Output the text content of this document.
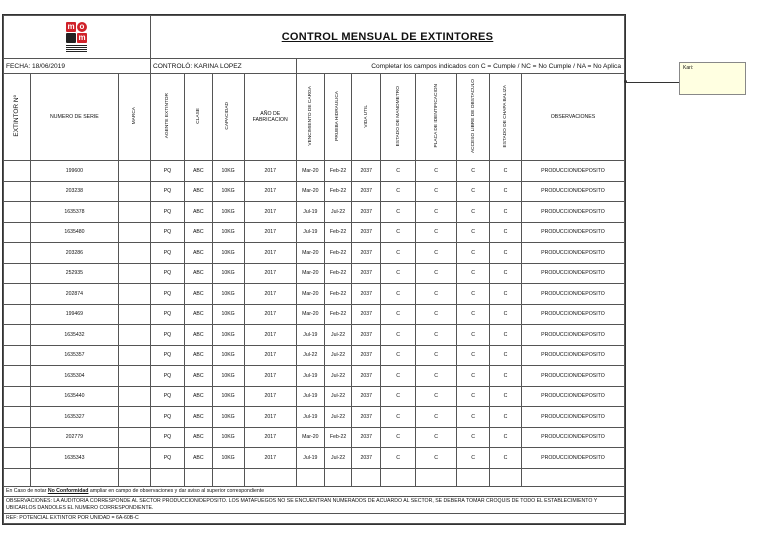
m o
m			CONTROL MENSUAL DE EXTINTORES											
FECHA: 18/06/2019			CONTROLÓ: KARINA LOPEZ				Completar los campos indicados con C = Cumple / NC = No Cumple / NA = No Aplica							
EXTINTOR Nº	NUMERO DE SERIE	MARCA	AGENTE EXTINTOR	CLASE	CAPACIDAD	AÑO DE FABRICACION	VENCIMIENTO DE CARGA	PRUEBA HIDRAULICA	VIDA UTIL	ESTADO DE MANOMETRO	PLACA DE IDENTIFICACION	ACCESO LIBRE DE OBSTACULO	ESTADO DE CHAPA BALIZA	OBSERVACIONES
	199600		PQ	ABC	10KG	2017	Mar-20	Feb-22	2037	C	C	C	C	PRODUCCION/DEPOSITO
	203238		PQ	ABC	10KG	2017	Mar-20	Feb-22	2037	C	C	C	C	PRODUCCION/DEPOSITO
	1635378		PQ	ABC	10KG	2017	Jul-19	Jul-22	2037	C	C	C	C	PRODUCCION/DEPOSITO
	1635480		PQ	ABC	10KG	2017	Jul-19	Feb-22	2037	C	C	C	C	PRODUCCION/DEPOSITO
	203286		PQ	ABC	10KG	2017	Mar-20	Feb-22	2037	C	C	C	C	PRODUCCION/DEPOSITO
	252935		PQ	ABC	10KG	2017	Mar-20	Feb-22	2037	C	C	C	C	PRODUCCION/DEPOSITO
	202874		PQ	ABC	10KG	2017	Mar-20	Feb-22	2037	C	C	C	C	PRODUCCION/DEPOSITO
	199469		PQ	ABC	10KG	2017	Mar-20	Feb-22	2037	C	C	C	C	PRODUCCION/DEPOSITO
	1635432		PQ	ABC	10KG	2017	Jul-19	Jul-22	2037	C	C	C	C	PRODUCCION/DEPOSITO
	1635357		PQ	ABC	10KG	2017	Jul-22	Jul-22	2037	C	C	C	C	PRODUCCION/DEPOSITO
	1635304		PQ	ABC	10KG	2017	Jul-19	Jul-22	2037	C	C	C	C	PRODUCCION/DEPOSITO
	1635440		PQ	ABC	10KG	2017	Jul-19	Jul-22	2037	C	C	C	C	PRODUCCION/DEPOSITO
	1635327		PQ	ABC	10KG	2017	Jul-19	Jul-22	2037	C	C	C	C	PRODUCCION/DEPOSITO
	202779		PQ	ABC	10KG	2017	Mar-20	Feb-22	2037	C	C	C	C	PRODUCCION/DEPOSITO
	1635343		PQ	ABC	10KG	2017	Jul-19	Jul-22	2037	C	C	C	C	PRODUCCION/DEPOSITO

En Caso de notar No Conformidad ampliar en campo de observaciones y dar aviso al superior correspondiente														
OBSERVACIONES: LA AUDITORIA CORRESPONDE AL SECTOR PRODUCCION/DEPOSITO. LOS MATAFUEGOS NO SE ENCUENTRAN NUMERADOS DE ACUARDO AL SECTOR, SE DEBERA TOMAR CROQUIS DE TODO EL ESTABLECIMIENTO Y UBICARLOS DANDOLES EL NUMERO CORRESPONDIENTE.														
REF: POTENCIAL EXTINTOR POR UNIDAD = 6A-60B-C														
Kari:
